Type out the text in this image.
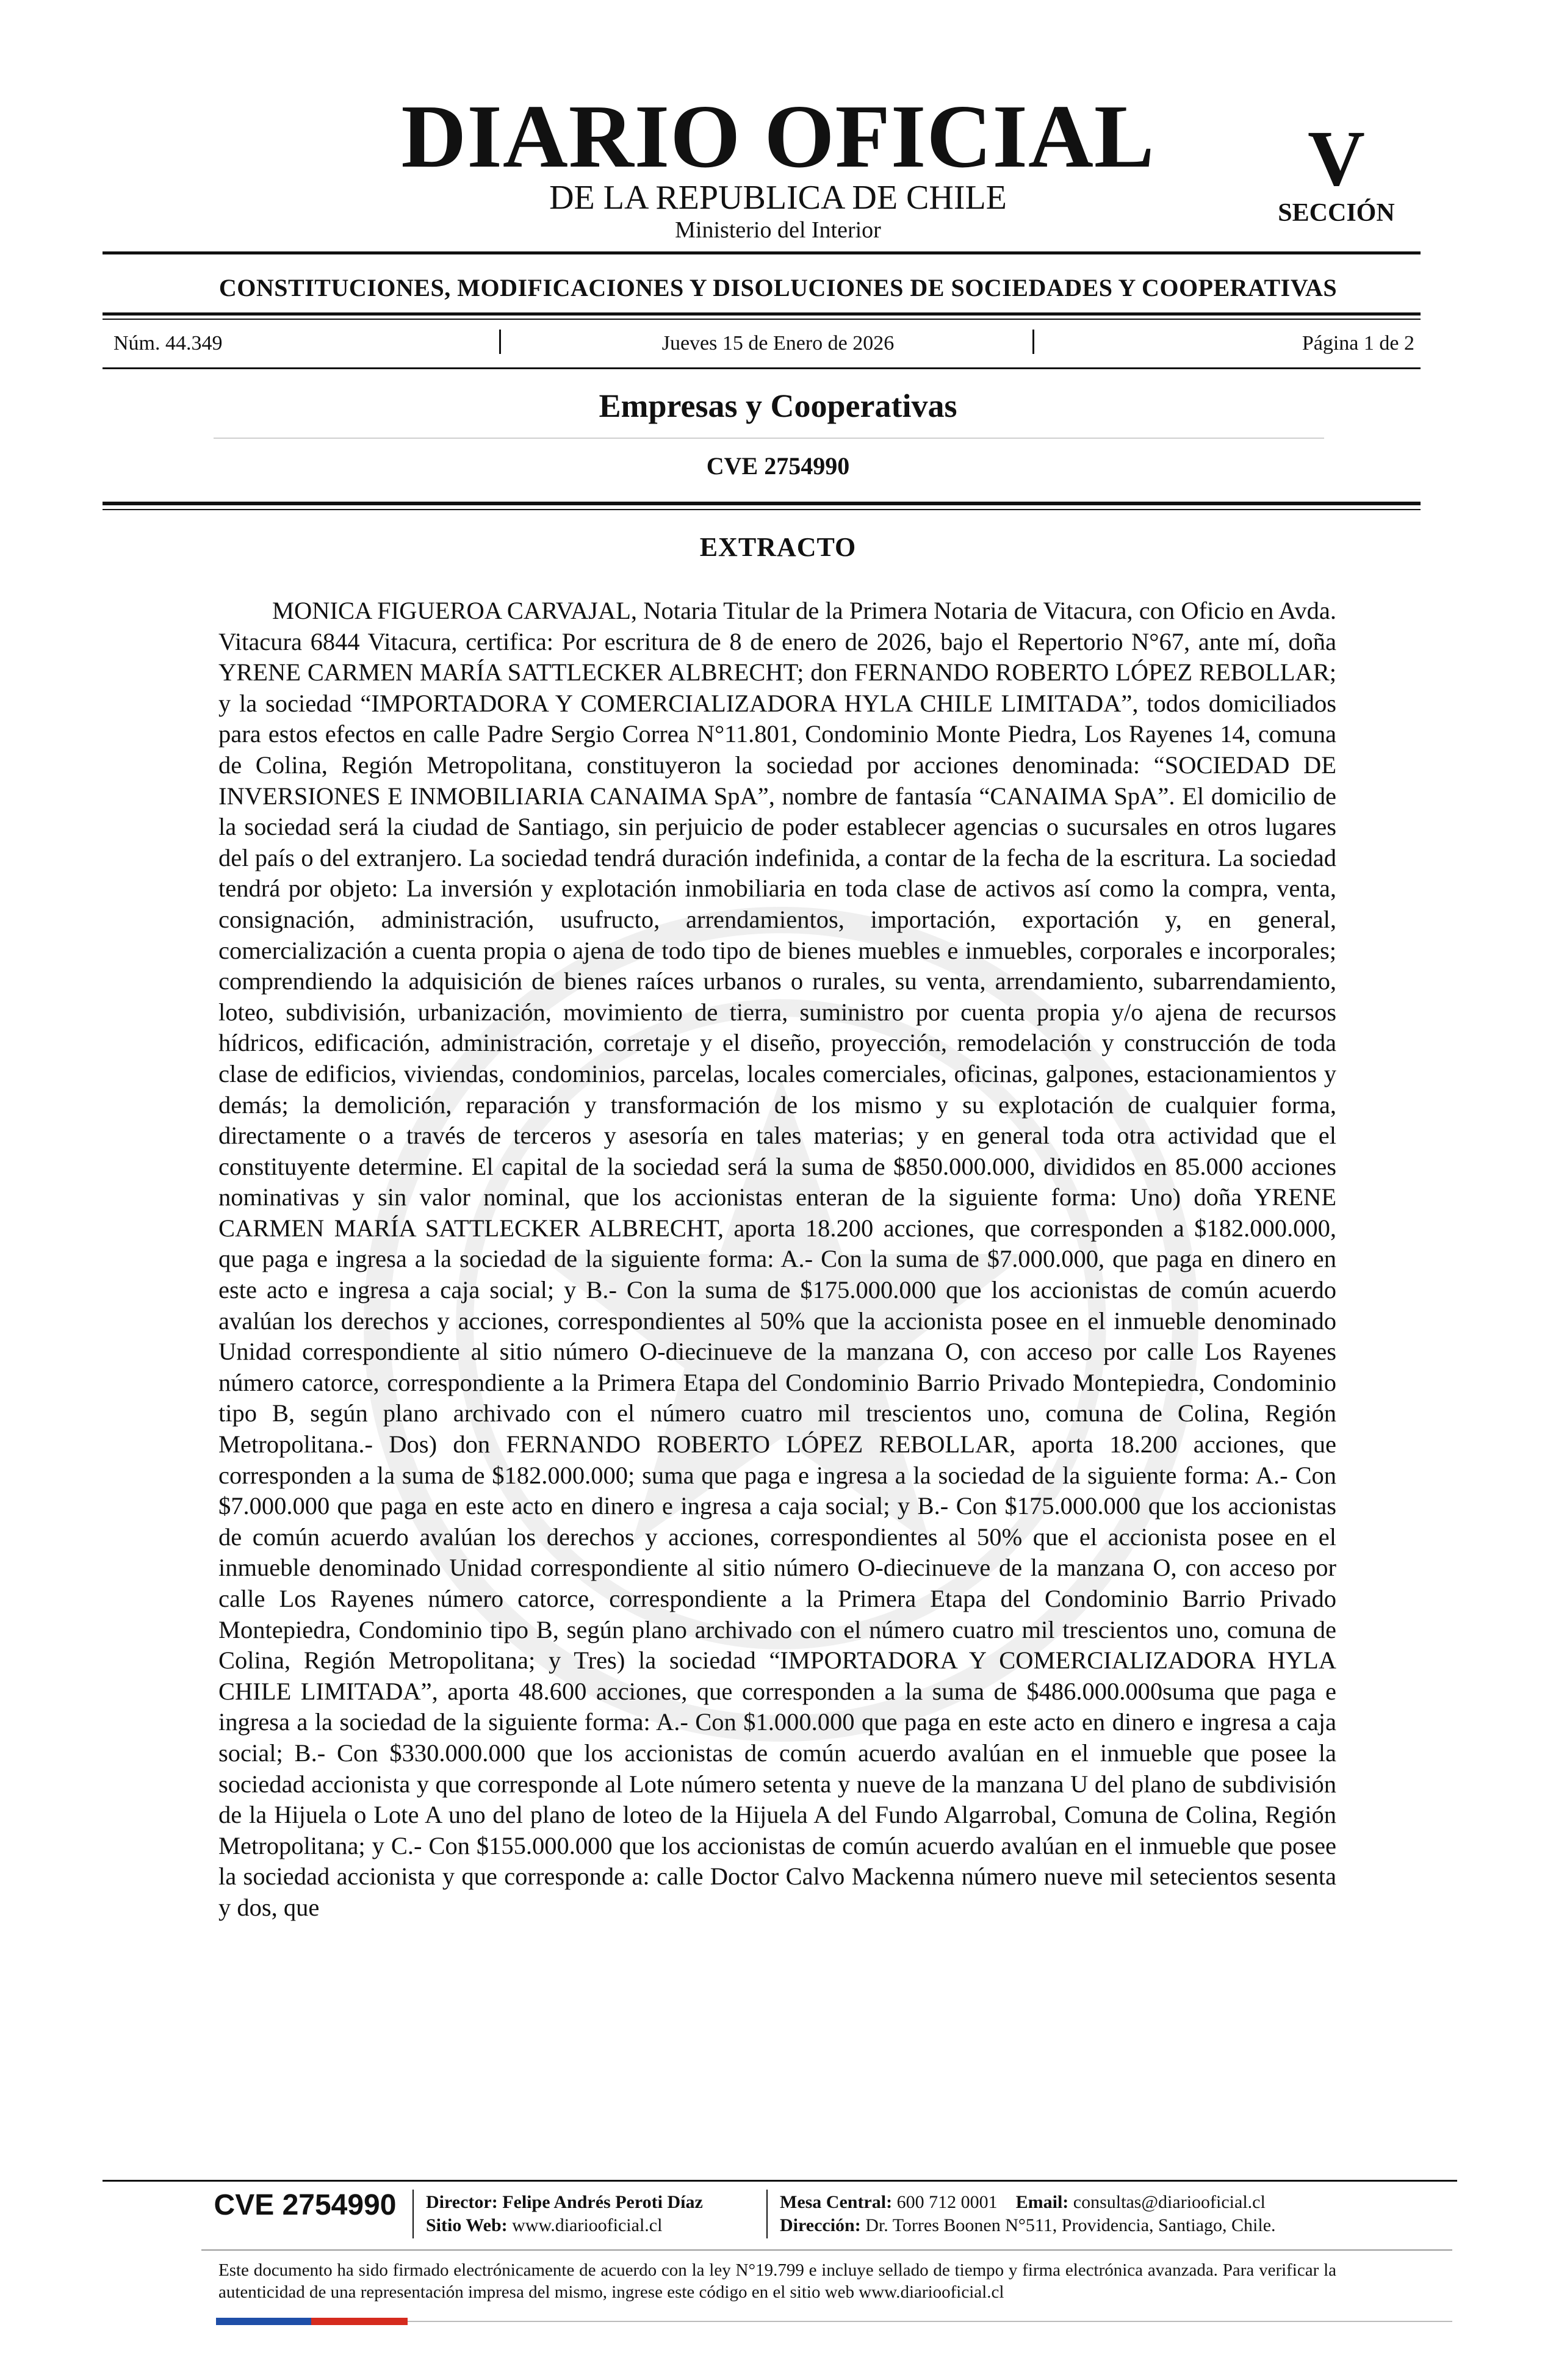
DIARIO OFICIAL
DE LA REPUBLICA DE CHILE
Ministerio del Interior
V
SECCIÓN
CONSTITUCIONES, MODIFICACIONES Y DISOLUCIONES DE SOCIEDADES Y COOPERATIVAS
Núm. 44.349	Jueves 15 de Enero de 2026	Página 1 de 2
Empresas y Cooperativas
CVE 2754990
EXTRACTO

MONICA FIGUEROA CARVAJAL, Notaria Titular de la Primera Notaria de Vitacura, con Oficio en Avda. Vitacura 6844 Vitacura, certifica: Por escritura de 8 de enero de 2026, bajo el Repertorio N°67, ante mí, doña YRENE CARMEN MARÍA SATTLECKER ALBRECHT; don FERNANDO ROBERTO LÓPEZ REBOLLAR; y la sociedad “IMPORTADORA Y COMERCIALIZADORA HYLA CHILE LIMITADA”, todos domiciliados para estos efectos en calle Padre Sergio Correa N°11.801, Condominio Monte Piedra, Los Rayenes 14, comuna de Colina, Región Metropolitana, constituyeron la sociedad por acciones denominada: “SOCIEDAD DE INVERSIONES E INMOBILIARIA CANAIMA SpA”, nombre de fantasía “CANAIMA SpA”. El domicilio de la sociedad será la ciudad de Santiago, sin perjuicio de poder establecer agencias o sucursales en otros lugares del país o del extranjero. La sociedad tendrá duración indefinida, a contar de la fecha de la escritura. La sociedad tendrá por objeto: La inversión y explotación inmobiliaria en toda clase de activos así como la compra, venta, consignación, administración, usufructo, arrendamientos, importación, exportación y, en general, comercialización a cuenta propia o ajena de todo tipo de bienes muebles e inmuebles, corporales e incorporales; comprendiendo la adquisición de bienes raíces urbanos o rurales, su venta, arrendamiento, subarrendamiento, loteo, subdivisión, urbanización, movimiento de tierra, suministro por cuenta propia y/o ajena de recursos hídricos, edificación, administración, corretaje y el diseño, proyección, remodelación y construcción de toda clase de edificios, viviendas, condominios, parcelas, locales comerciales, oficinas, galpones, estacionamientos y demás; la demolición, reparación y transformación de los mismo y su explotación de cualquier forma, directamente o a través de terceros y asesoría en tales materias; y en general toda otra actividad que el constituyente determine. El capital de la sociedad será la suma de $850.000.000, divididos en 85.000 acciones nominativas y sin valor nominal, que los accionistas enteran de la siguiente forma: Uno) doña YRENE CARMEN MARÍA SATTLECKER ALBRECHT, aporta 18.200 acciones, que corresponden a $182.000.000, que paga e ingresa a la sociedad de la siguiente forma: A.- Con la suma de $7.000.000, que paga en dinero en este acto e ingresa a caja social; y B.- Con la suma de $175.000.000 que los accionistas de común acuerdo avalúan los derechos y acciones, correspondientes al 50% que la accionista posee en el inmueble denominado Unidad correspondiente al sitio número O-diecinueve de la manzana O, con acceso por calle Los Rayenes número catorce, correspondiente a la Primera Etapa del Condominio Barrio Privado Montepiedra, Condominio tipo B, según plano archivado con el número cuatro mil trescientos uno, comuna de Colina, Región Metropolitana.- Dos) don FERNANDO ROBERTO LÓPEZ REBOLLAR, aporta 18.200 acciones, que corresponden a la suma de $182.000.000; suma que paga e ingresa a la sociedad de la siguiente forma: A.- Con $7.000.000 que paga en este acto en dinero e ingresa a caja social; y B.- Con $175.000.000 que los accionistas de común acuerdo avalúan los derechos y acciones, correspondientes al 50% que el accionista posee en el inmueble denominado Unidad correspondiente al sitio número O-diecinueve de la manzana O, con acceso por calle Los Rayenes número catorce, correspondiente a la Primera Etapa del Condominio Barrio Privado Montepiedra, Condominio tipo B, según plano archivado con el número cuatro mil trescientos uno, comuna de Colina, Región Metropolitana; y Tres) la sociedad “IMPORTADORA Y COMERCIALIZADORA HYLA CHILE LIMITADA”, aporta 48.600 acciones, que corresponden a la suma de $486.000.000suma que paga e ingresa a la sociedad de la siguiente forma: A.- Con $1.000.000 que paga en este acto en dinero e ingresa a caja social; B.- Con $330.000.000 que los accionistas de común acuerdo avalúan en el inmueble que posee la sociedad accionista y que corresponde al Lote número setenta y nueve de la manzana U del plano de subdivisión de la Hijuela o Lote A uno del plano de loteo de la Hijuela A del Fundo Algarrobal, Comuna de Colina, Región Metropolitana; y C.- Con $155.000.000 que los accionistas de común acuerdo avalúan en el inmueble que posee la sociedad accionista y que corresponde a: calle Doctor Calvo Mackenna número nueve mil setecientos sesenta y dos, que

CVE 2754990	Director: Felipe Andrés Peroti Díaz
Sitio Web: www.diariooficial.cl
Mesa Central: 600 712 0001 Email: consultas@diariooficial.cl
Dirección: Dr. Torres Boonen N°511, Providencia, Santiago, Chile.
Este documento ha sido firmado electrónicamente de acuerdo con la ley N°19.799 e incluye sellado de tiempo y firma electrónica avanzada. Para verificar la autenticidad de una representación impresa del mismo, ingrese este código en el sitio web www.diariooficial.cl
